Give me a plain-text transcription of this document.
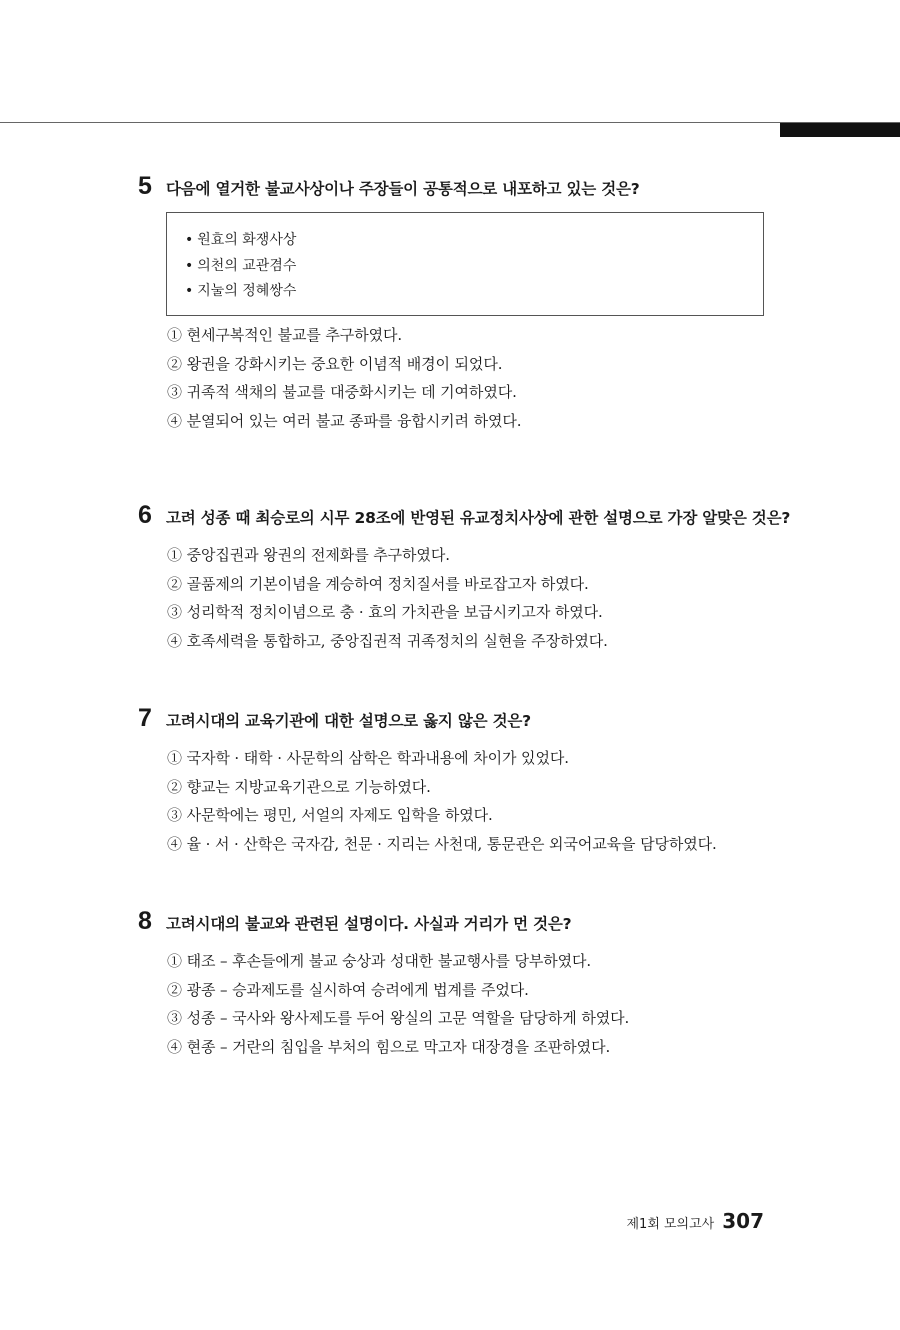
5 다음에 열거한 불교사상이나 주장들이 공통적으로 내포하고 있는 것은?
• 원효의 화쟁사상
• 의천의 교관겸수
• 지눌의 정혜쌍수
① 현세구복적인 불교를 추구하였다.
② 왕권을 강화시키는 중요한 이념적 배경이 되었다.
③ 귀족적 색채의 불교를 대중화시키는 데 기여하였다.
④ 분열되어 있는 여러 불교 종파를 융합시키려 하였다.
6 고려 성종 때 최승로의 시무 28조에 반영된 유교정치사상에 관한 설명으로 가장 알맞은 것은?
① 중앙집권과 왕권의 전제화를 추구하였다.
② 골품제의 기본이념을 계승하여 정치질서를 바로잡고자 하였다.
③ 성리학적 정치이념으로 충 · 효의 가치관을 보급시키고자 하였다.
④ 호족세력을 통합하고, 중앙집권적 귀족정치의 실현을 주장하였다.
7 고려시대의 교육기관에 대한 설명으로 옳지 않은 것은?
① 국자학 · 태학 · 사문학의 삼학은 학과내용에 차이가 있었다.
② 향교는 지방교육기관으로 기능하였다.
③ 사문학에는 평민, 서얼의 자제도 입학을 하였다.
④ 율 · 서 · 산학은 국자감, 천문 · 지리는 사천대, 통문관은 외국어교육을 담당하였다.
8 고려시대의 불교와 관련된 설명이다. 사실과 거리가 먼 것은?
① 태조 – 후손들에게 불교 숭상과 성대한 불교행사를 당부하였다.
② 광종 – 승과제도를 실시하여 승려에게 법계를 주었다.
③ 성종 – 국사와 왕사제도를 두어 왕실의 고문 역할을 담당하게 하였다.
④ 현종 – 거란의 침입을 부처의 힘으로 막고자 대장경을 조판하였다.
제1회 모의고사 307
